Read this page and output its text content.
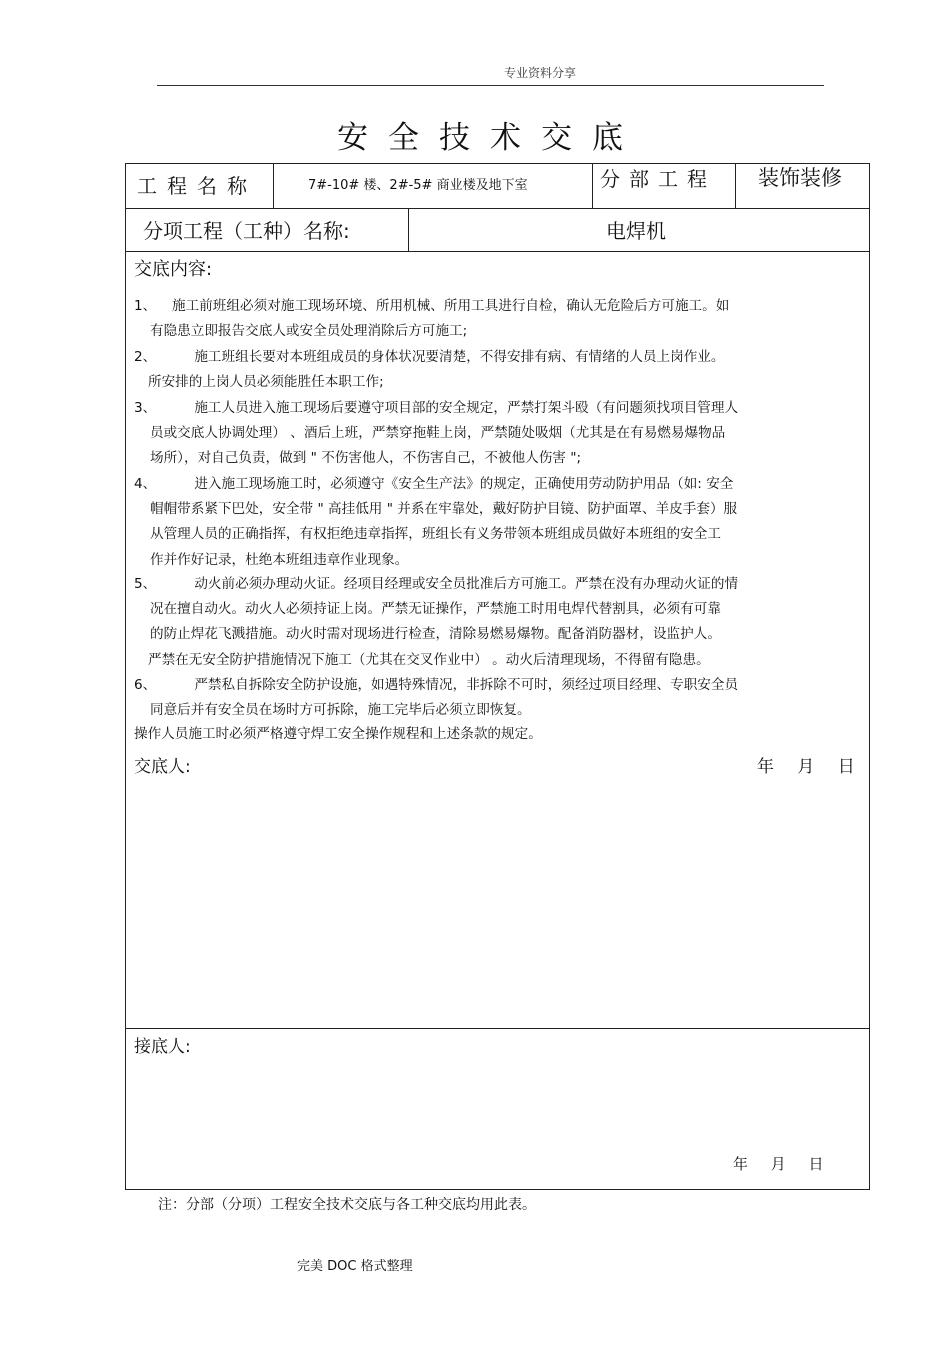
专业资料分享
安全技术交底
工程名称	7#-10# 楼、2#-5# 商业楼及地下室	分部工程 装饰装修
分项工程（工种）名称:	电焊机
交底内容:
1、 施工前班组必须对施工现场环境、所用机械、所用工具进行自检，确认无危险后方可施工。如
有隐患立即报告交底人或安全员处理消除后方可施工;
2、 施工班组长要对本班组成员的身体状况要清楚，不得安排有病、有情绪的人员上岗作业。
所安排的上岗人员必须能胜任本职工作;
3、 施工人员进入施工现场后要遵守项目部的安全规定，严禁打架斗殴（有问题须找项目管理人
员或交底人协调处理） 、酒后上班，严禁穿拖鞋上岗，严禁随处吸烟（尤其是在有易燃易爆物品
场所），对自己负责，做到 " 不伤害他人，不伤害自己，不被他人伤害 ";
4、 进入施工现场施工时，必须遵守《安全生产法》的规定，正确使用劳动防护用品（如: 安全
帽帽带系紧下巴处，安全带 " 高挂低用 " 并系在牢靠处，戴好防护目镜、防护面罩、羊皮手套）服
从管理人员的正确指挥，有权拒绝违章指挥，班组长有义务带领本班组成员做好本班组的安全工
作并作好记录，杜绝本班组违章作业现象。
5、 动火前必须办理动火证。经项目经理或安全员批准后方可施工。严禁在没有办理动火证的情
况在擅自动火。动火人必须持证上岗。严禁无证操作，严禁施工时用电焊代替割具，必须有可靠
的防止焊花飞溅措施。动火时需对现场进行检查，清除易燃易爆物。配备消防器材，设监护人。
严禁在无安全防护措施情况下施工（尤其在交叉作业中） 。动火后清理现场，不得留有隐患。
6、 严禁私自拆除安全防护设施，如遇特殊情况，非拆除不可时，须经过项目经理、专职安全员
同意后并有安全员在场时方可拆除，施工完毕后必须立即恢复。
操作人员施工时必须严格遵守焊工安全操作规程和上述条款的规定。
交底人:	年 月 日
接底人:
年 月 日
注：分部（分项）工程安全技术交底与各工种交底均用此表。
完美 DOC 格式整理
